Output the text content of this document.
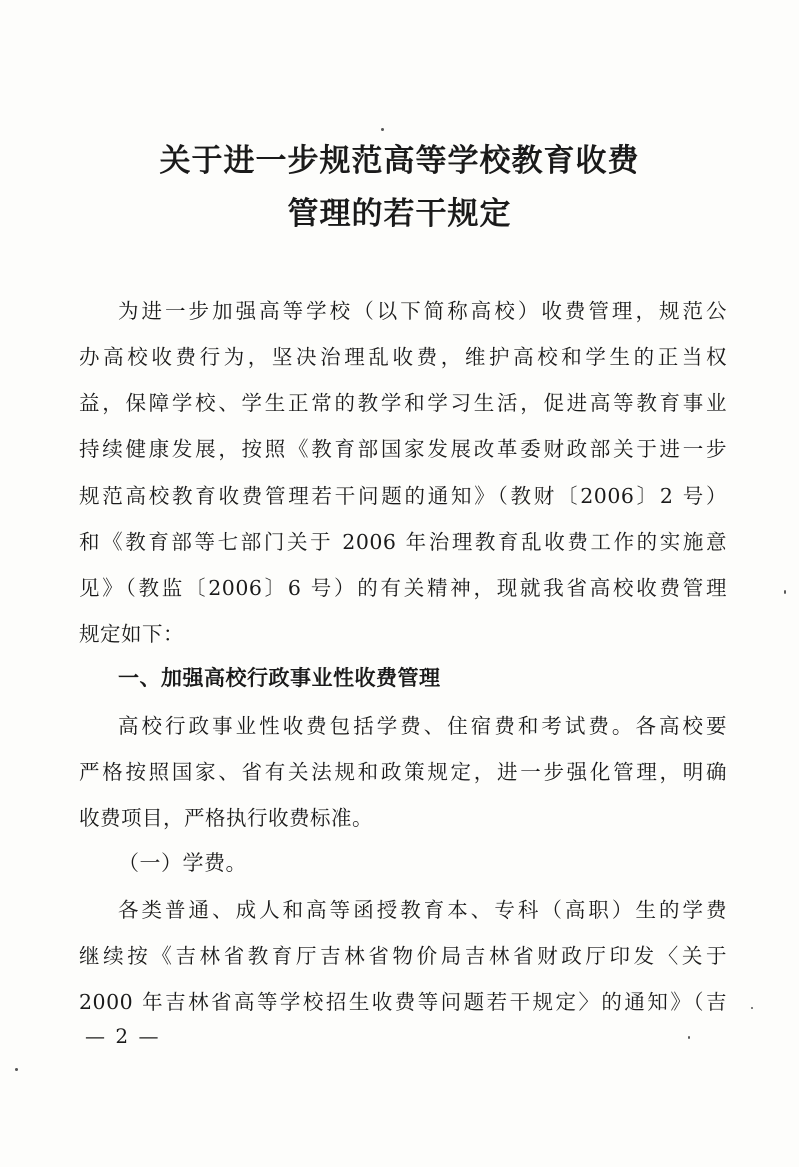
关于进一步规范高等学校教育收费
管理的若干规定
为进一步加强高等学校（以下简称高校）收费管理，规范公
办高校收费行为，坚决治理乱收费，维护高校和学生的正当权
益，保障学校、学生正常的教学和学习生活，促进高等教育事业
持续健康发展，按照《教育部国家发展改革委财政部关于进一步
规范高校教育收费管理若干问题的通知》（教财〔2006〕2 号）
和《教育部等七部门关于 2006 年治理教育乱收费工作的实施意
见》（教监〔2006〕6 号）的有关精神，现就我省高校收费管理
规定如下：
一、加强高校行政事业性收费管理
高校行政事业性收费包括学费、住宿费和考试费。各高校要
严格按照国家、省有关法规和政策规定，进一步强化管理，明确
收费项目，严格执行收费标准。
（一）学费。
各类普通、成人和高等函授教育本、专科（高职）生的学费
继续按《吉林省教育厅吉林省物价局吉林省财政厅印发〈关于
2000 年吉林省高等学校招生收费等问题若干规定〉的通知》（吉
— 2 —
